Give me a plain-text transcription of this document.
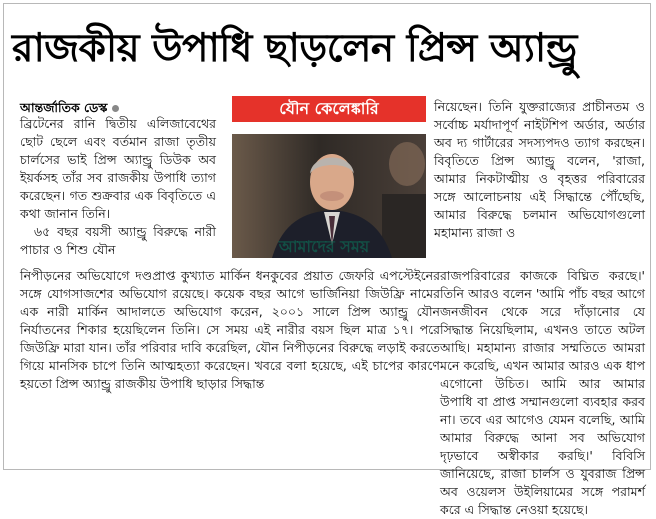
রাজকীয় উপাধি ছাড়লেন প্রিন্স অ্যান্ড্রু
আন্তর্জাতিক ডেস্ক

ব্রিটেনের রানি দ্বিতীয় এলিজাবেথের ছোট ছেলে এবং বর্তমান রাজা তৃতীয় চার্লসের ভাই প্রিন্স অ্যান্ড্রু ডিউক অব ইয়র্কসহ তাঁর সব রাজকীয় উপাধি ত্যাগ করেছেন। গত শুক্রবার এক বিবৃতিতে এ কথা জানান তিনি।

৬৫ বছর বয়সী অ্যান্ড্রু বিরুদ্ধে নারী পাচার ও শিশু যৌন

যৌন কেলেঙ্কারি
আমাদের সময়

নিয়েছেন। তিনি যুক্তরাজ্যের প্রাচীনতম ও সর্বোচ্চ মর্যাদাপূর্ণ নাইটশিপ অর্ডার, অর্ডার অব দ্য গার্টারের সদস্যপদও ত্যাগ করছেন। বিবৃতিতে প্রিন্স অ্যান্ড্রু বলেন, 'রাজা, আমার নিকটাত্মীয় ও বৃহত্তর পরিবারের সঙ্গে আলোচনায় এই সিদ্ধান্তে পৌঁছেছি, আমার বিরুদ্ধে চলমান অভিযোগগুলো মহামান্য রাজা ও

নিপীড়নের অভিযোগে দণ্ডপ্রাপ্ত কুখ্যাত মার্কিন ধনকুবের প্রয়াত জেফরি এপস্টেইনের সঙ্গে যোগসাজশের অভিযোগ রয়েছে। কয়েক বছর আগে ভার্জিনিয়া জিউফ্রি নামের এক নারী মার্কিন আদালতে অভিযোগ করেন, ২০০১ সালে প্রিন্স অ্যান্ড্রু যৌন নির্যাতনের শিকার হয়েছিলেন তিনি। সে সময় এই নারীর বয়স ছিল মাত্র ১৭। পরে জিউফ্রি মারা যান। তাঁর পরিবার দাবি করেছিল, যৌন নিপীড়নের বিরুদ্ধে লড়াই করতে গিয়ে মানসিক চাপে তিনি আত্মহত্যা করেছেন। খবরে বলা হয়েছে, এই চাপের কারণে হয়তো প্রিন্স অ্যান্ড্রু রাজকীয় উপাধি ছাড়ার সিদ্ধান্ত

রাজপরিবারের কাজকে বিঘ্নিত করছে।' তিনি আরও বলেন 'আমি পাঁচ বছর আগে জনজীবন থেকে সরে দাঁড়ানোর যে সিদ্ধান্ত নিয়েছিলাম, এখনও তাতে অটল আছি। মহামান্য রাজার সম্মতিতে আমরা মনে করেছি, এখন আমার আরও এক ধাপ এগোনো উচিত। আমি আর আমার উপাধি বা প্রাপ্ত সম্মানগুলো ব্যবহার করব না। তবে এর আগেও যেমন বলেছি, আমি আমার বিরুদ্ধে আনা সব অভিযোগ দৃঢ়ভাবে অস্বীকার করছি।' বিবিসি জানিয়েছে, রাজা চার্লস ও যুবরাজ প্রিন্স অব ওয়েলস উইলিয়ামের সঙ্গে পরামর্শ করে এ সিদ্ধান্ত নেওয়া হয়েছে।
